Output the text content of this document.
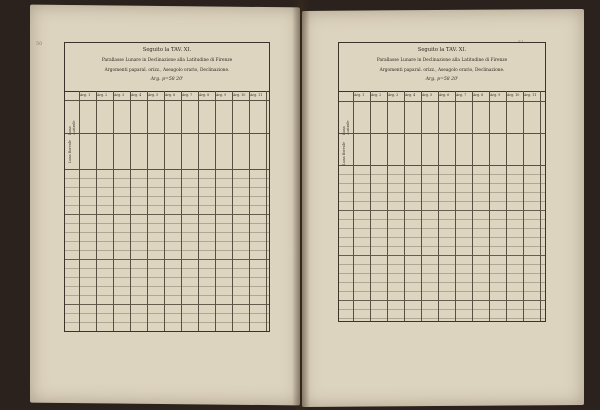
50
Seguito la TAV. XI.
Parallasse Lunare in Declinazione alla Latitudine di Firenze
Argomenti paparal. orizz., Aseagolo orario, Declinazione.
Arg. p=58 20'
Luna Australe
Luna Boreale
Arg. 1 Arg. 2 Arg. 3 Arg. 4 Arg. 5 Arg. 6 Arg. 7 Arg. 8 Arg. 9 Arg. 10 Arg. 11
Seguito la TAV. XI.
Parallasse Lunare in Declinazione alla Latitudine di Firenze
Argomenti paparal. orizz., Aseagolo orario, Declinazione.
Arg. p=58 20'
Luna Australe
Luna Boreale
Arg. 1 Arg. 2 Arg. 3 Arg. 4 Arg. 5 Arg. 6 Arg. 7 Arg. 8 Arg. 9 Arg. 10 Arg. 11
